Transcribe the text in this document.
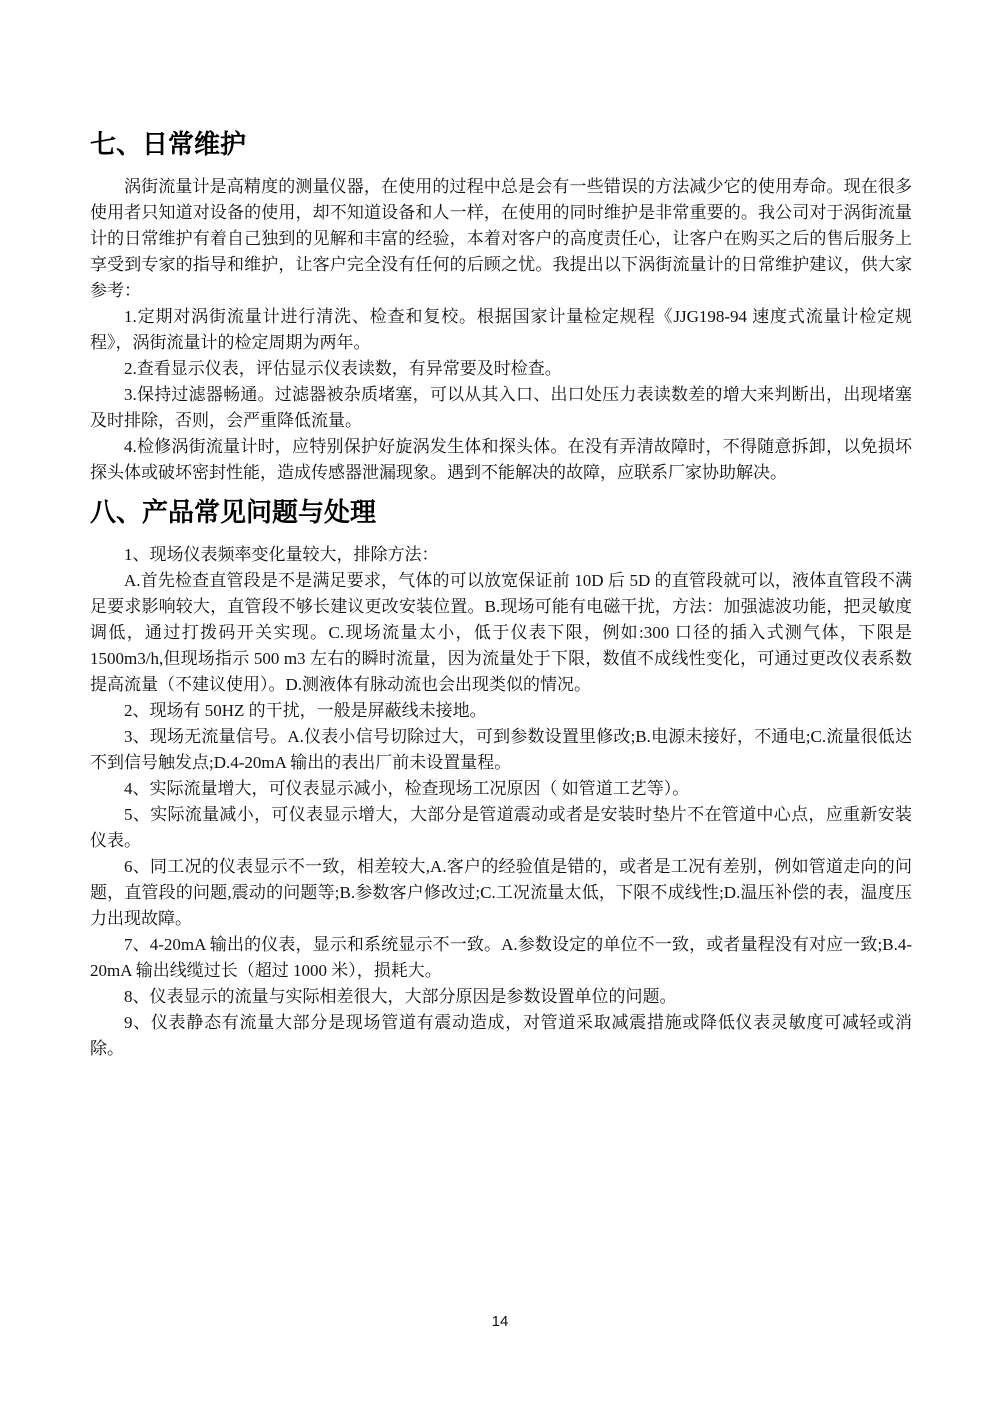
七、日常维护

涡街流量计是高精度的测量仪器，在使用的过程中总是会有一些错误的方法减少它的使用寿命。现在很多使用者只知道对设备的使用，却不知道设备和人一样，在使用的同时维护是非常重要的。我公司对于涡街流量计的日常维护有着自己独到的见解和丰富的经验，本着对客户的高度责任心，让客户在购买之后的售后服务上享受到专家的指导和维护，让客户完全没有任何的后顾之忧。我提出以下涡街流量计的日常维护建议，供大家参考：

1.定期对涡街流量计进行清洗、检查和复校。根据国家计量检定规程《JJG198-94 速度式流量计检定规程》，涡街流量计的检定周期为两年。

2.查看显示仪表，评估显示仪表读数，有异常要及时检查。

3.保持过滤器畅通。过滤器被杂质堵塞，可以从其入口、出口处压力表读数差的增大来判断出，出现堵塞及时排除，否则，会严重降低流量。

4.检修涡街流量计时，应特别保护好旋涡发生体和探头体。在没有弄清故障时，不得随意拆卸，以免损坏探头体或破坏密封性能，造成传感器泄漏现象。遇到不能解决的故障，应联系厂家协助解决。

八、产品常见问题与处理

1、现场仪表频率变化量较大，排除方法：

A.首先检查直管段是不是满足要求，气体的可以放宽保证前 10D 后 5D 的直管段就可以，液体直管段不满足要求影响较大，直管段不够长建议更改安装位置。B.现场可能有电磁干扰，方法：加强滤波功能，把灵敏度调低，通过打拨码开关实现。C.现场流量太小，低于仪表下限，例如:300 口径的插入式测气体，下限是 1500m3/h,但现场指示 500 m3 左右的瞬时流量，因为流量处于下限，数值不成线性变化，可通过更改仪表系数提高流量（不建议使用）。D.测液体有脉动流也会出现类似的情况。

2、现场有 50HZ 的干扰，一般是屏蔽线未接地。

3、现场无流量信号。A.仪表小信号切除过大，可到参数设置里修改;B.电源未接好，不通电;C.流量很低达不到信号触发点;D.4-20mA 输出的表出厂前未设置量程。

4、实际流量增大，可仪表显示减小，检查现场工况原因（ 如管道工艺等）。

5、实际流量减小，可仪表显示增大，大部分是管道震动或者是安装时垫片不在管道中心点，应重新安装仪表。

6、同工况的仪表显示不一致，相差较大,A.客户的经验值是错的，或者是工况有差别，例如管道走向的问题，直管段的问题,震动的问题等;B.参数客户修改过;C.工况流量太低，下限不成线性;D.温压补偿的表，温度压力出现故障。

7、4-20mA 输出的仪表，显示和系统显示不一致。A.参数设定的单位不一致，或者量程没有对应一致;B.4-20mA 输出线缆过长（超过 1000 米），损耗大。

8、仪表显示的流量与实际相差很大，大部分原因是参数设置单位的问题。

9、仪表静态有流量大部分是现场管道有震动造成，对管道采取减震措施或降低仪表灵敏度可减轻或消除。

14
